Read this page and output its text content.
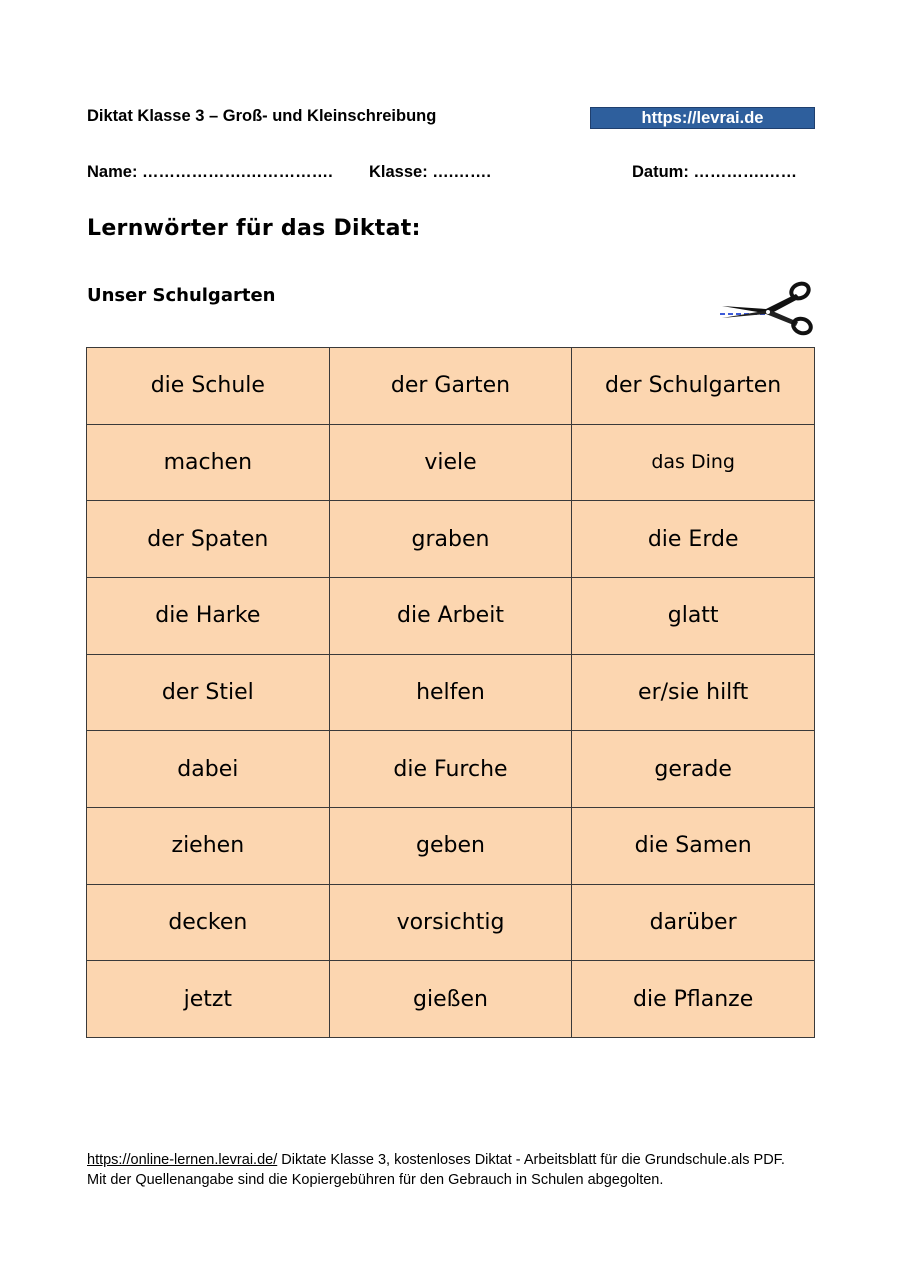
Diktat Klasse 3 – Groß- und Kleinschreibung	https://levrai.de
Name: ……………….……………. Klasse: ….…….	Datum: ………….……
Lernwörter für das Diktat:
Unser Schulgarten
die Schule	der Garten	der Schulgarten
machen	viele	das Ding
der Spaten	graben	die Erde
die Harke	die Arbeit	glatt
der Stiel	helfen	er/sie hilft
dabei	die Furche	gerade
ziehen	geben	die Samen
decken	vorsichtig	darüber
jetzt	gießen	die Pflanze
https://online-lernen.levrai.de/ Diktate Klasse 3, kostenloses Diktat - Arbeitsblatt für die Grundschule.als PDF.
Mit der Quellenangabe sind die Kopiergebühren für den Gebrauch in Schulen abgegolten.
